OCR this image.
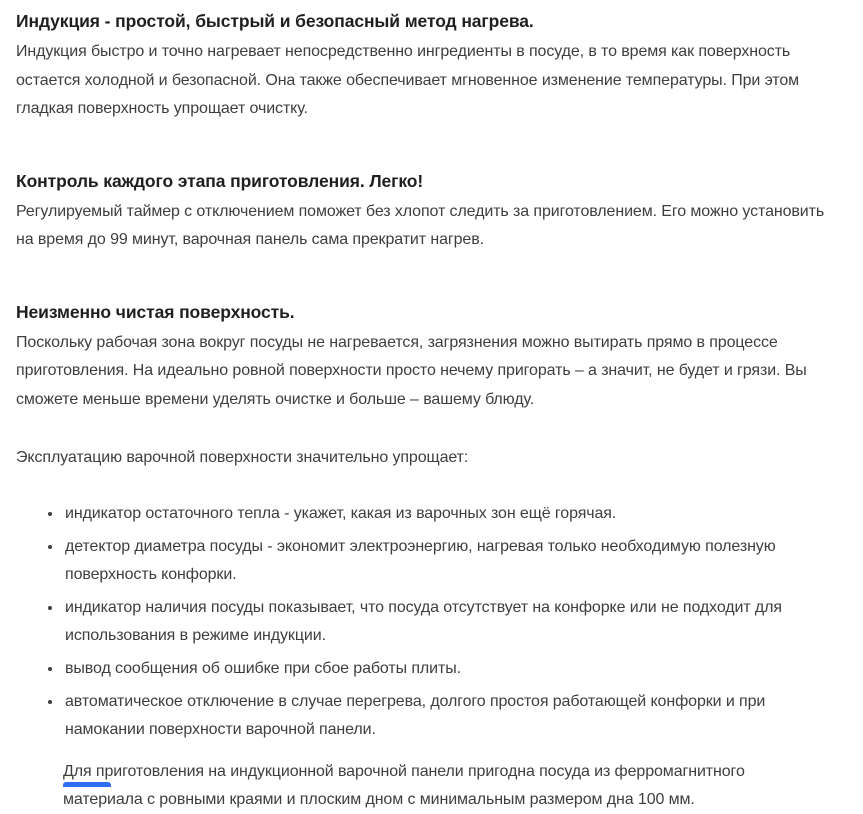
Индукция - простой, быстрый и безопасный метод нагрева.

Индукция быстро и точно нагревает непосредственно ингредиенты в посуде, в то время как поверхность остается холодной и безопасной. Она также обеспечивает мгновенное изменение температуры. При этом гладкая поверхность упрощает очистку.

Контроль каждого этапа приготовления. Легко!

Регулируемый таймер с отключением поможет без хлопот следить за приготовлением. Его можно установить на время до 99 минут, варочная панель сама прекратит нагрев.

Неизменно чистая поверхность.

Поскольку рабочая зона вокруг посуды не нагревается, загрязнения можно вытирать прямо в процессе приготовления. На идеально ровной поверхности просто нечему пригорать – а значит, не будет и грязи. Вы сможете меньше времени уделять очистке и больше – вашему блюду.

Эксплуатацию варочной поверхности значительно упрощает:

• индикатор остаточного тепла - укажет, какая из варочных зон ещё горячая.
• детектор диаметра посуды - экономит электроэнергию, нагревая только необходимую полезную поверхность конфорки.
• индикатор наличия посуды показывает, что посуда отсутствует на конфорке или не подходит для использования в режиме индукции.
• вывод сообщения об ошибке при сбое работы плиты.
• автоматическое отключение в случае перегрева, долгого простоя работающей конфорки и при намокании поверхности варочной панели.

Для приготовления на индукционной варочной панели пригодна посуда из ферромагнитного материала с ровными краями и плоским дном с минимальным размером дна 100 мм.
